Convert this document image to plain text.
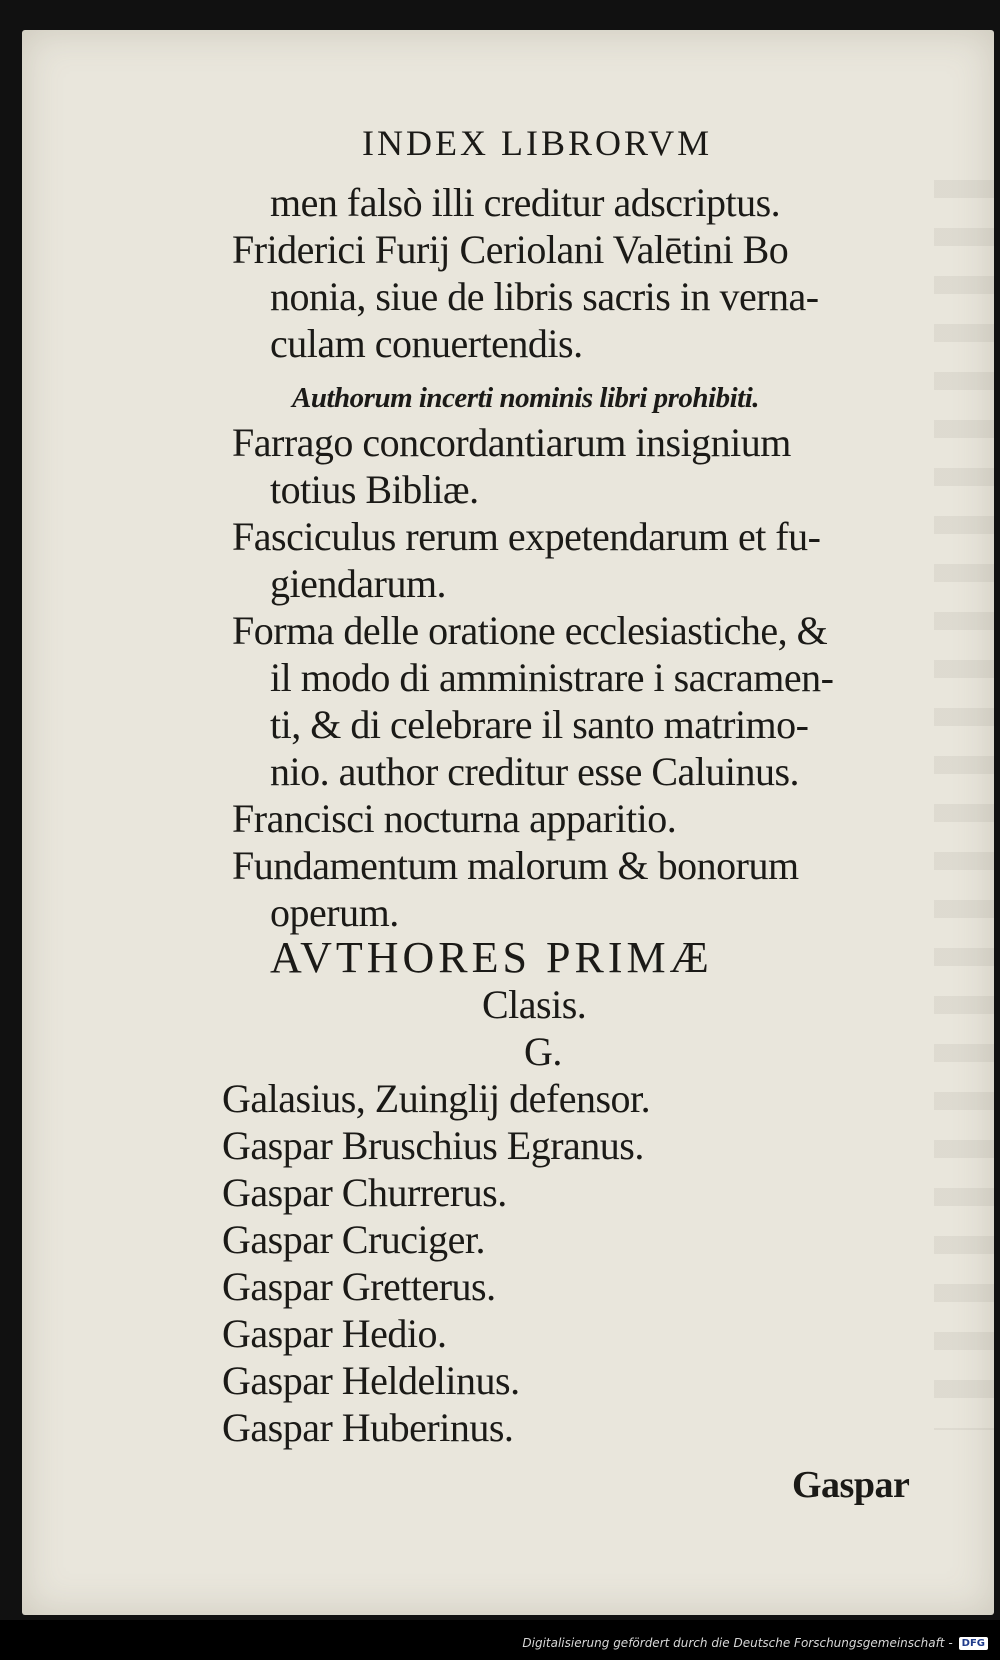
INDEX LIBRORVM
men falsò illi creditur adscriptus.
Friderici Furij Ceriolani Valētini Bo
nonia, siue de libris sacris in verna-
culam conuertendis.
Authorum incerti nominis libri prohibiti.
Farrago concordantiarum insignium
totius Bibliæ.
Fasciculus rerum expetendarum et fu-
giendarum.
Forma delle oratione ecclesiastiche, &
il modo di amministrare i sacramen-
ti, & di celebrare il santo matrimo-
nio. author creditur esse Caluinus.
Francisci nocturna apparitio.
Fundamentum malorum & bonorum
operum.
AVTHORES PRIMÆ
Clasis.
G.
Galasius, Zuinglij defensor.
Gaspar Bruschius Egranus.
Gaspar Churrerus.
Gaspar Cruciger.
Gaspar Gretterus.
Gaspar Hedio.
Gaspar Heldelinus.
Gaspar Huberinus.
Gaspar
Digitalisierung gefördert durch die Deutsche Forschungsgemeinschaft - DFG
